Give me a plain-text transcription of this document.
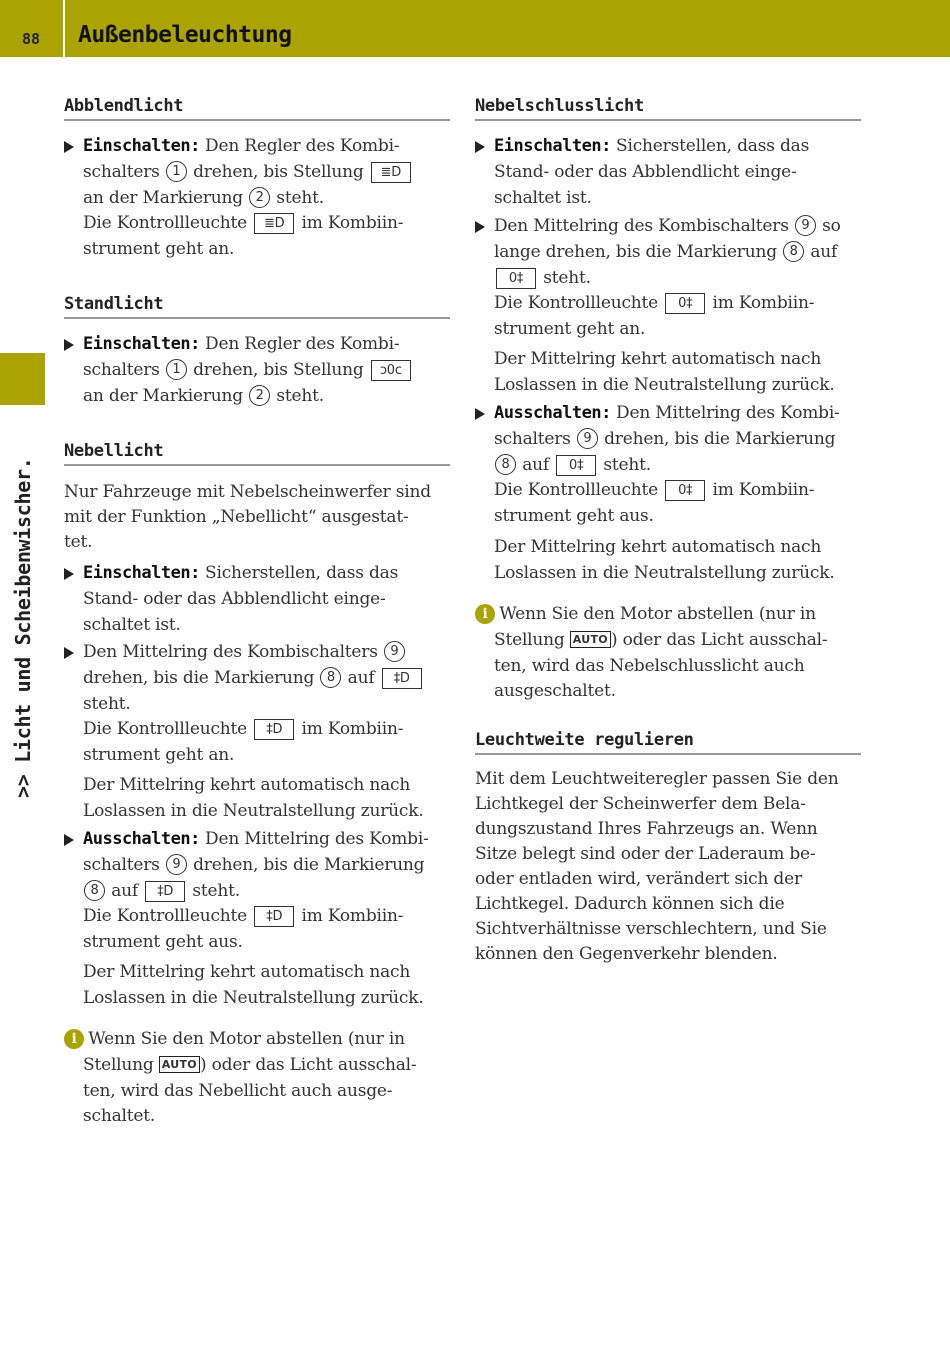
88 Außenbeleuchtung
>> Licht und Scheibenwischer.
Abblendlicht
Einschalten: Den Regler des Kombi-
schalters 1 drehen, bis Stellung ≣D
an der Markierung 2 steht.
Die Kontrollleuchte ≣D im Kombiin-
strument geht an.
Standlicht
Einschalten: Den Regler des Kombi-
schalters 1 drehen, bis Stellung ᴐ0ᴄ
an der Markierung 2 steht.
Nebellicht
Nur Fahrzeuge mit Nebelscheinwerfer sind
mit der Funktion „Nebellicht“ ausgestat-
tet.
Einschalten: Sicherstellen, dass das
Stand- oder das Abblendlicht einge-
schaltet ist.
Den Mittelring des Kombischalters 9
drehen, bis die Markierung 8 auf ‡D
steht.
Die Kontrollleuchte ‡D im Kombiin-
strument geht an.
Der Mittelring kehrt automatisch nach
Loslassen in die Neutralstellung zurück.
Ausschalten: Den Mittelring des Kombi-
schalters 9 drehen, bis die Markierung
8 auf ‡D steht.
Die Kontrollleuchte ‡D im Kombiin-
strument geht aus.
Der Mittelring kehrt automatisch nach
Loslassen in die Neutralstellung zurück.
i Wenn Sie den Motor abstellen (nur in
Stellung AUTO ) oder das Licht ausschal-
ten, wird das Nebellicht auch ausge-
schaltet.
Nebelschlusslicht
Einschalten: Sicherstellen, dass das
Stand- oder das Abblendlicht einge-
schaltet ist.
Den Mittelring des Kombischalters 9 so
lange drehen, bis die Markierung 8 auf
0‡ steht.
Die Kontrollleuchte 0‡ im Kombiin-
strument geht an.
Der Mittelring kehrt automatisch nach
Loslassen in die Neutralstellung zurück.
Ausschalten: Den Mittelring des Kombi-
schalters 9 drehen, bis die Markierung
8 auf 0‡ steht.
Die Kontrollleuchte 0‡ im Kombiin-
strument geht aus.
Der Mittelring kehrt automatisch nach
Loslassen in die Neutralstellung zurück.
i Wenn Sie den Motor abstellen (nur in
Stellung AUTO ) oder das Licht ausschal-
ten, wird das Nebelschlusslicht auch
ausgeschaltet.
Leuchtweite regulieren
Mit dem Leuchtweiteregler passen Sie den
Lichtkegel der Scheinwerfer dem Bela-
dungszustand Ihres Fahrzeugs an. Wenn
Sitze belegt sind oder der Laderaum be-
oder entladen wird, verändert sich der
Lichtkegel. Dadurch können sich die
Sichtverhältnisse verschlechtern, und Sie
können den Gegenverkehr blenden.
